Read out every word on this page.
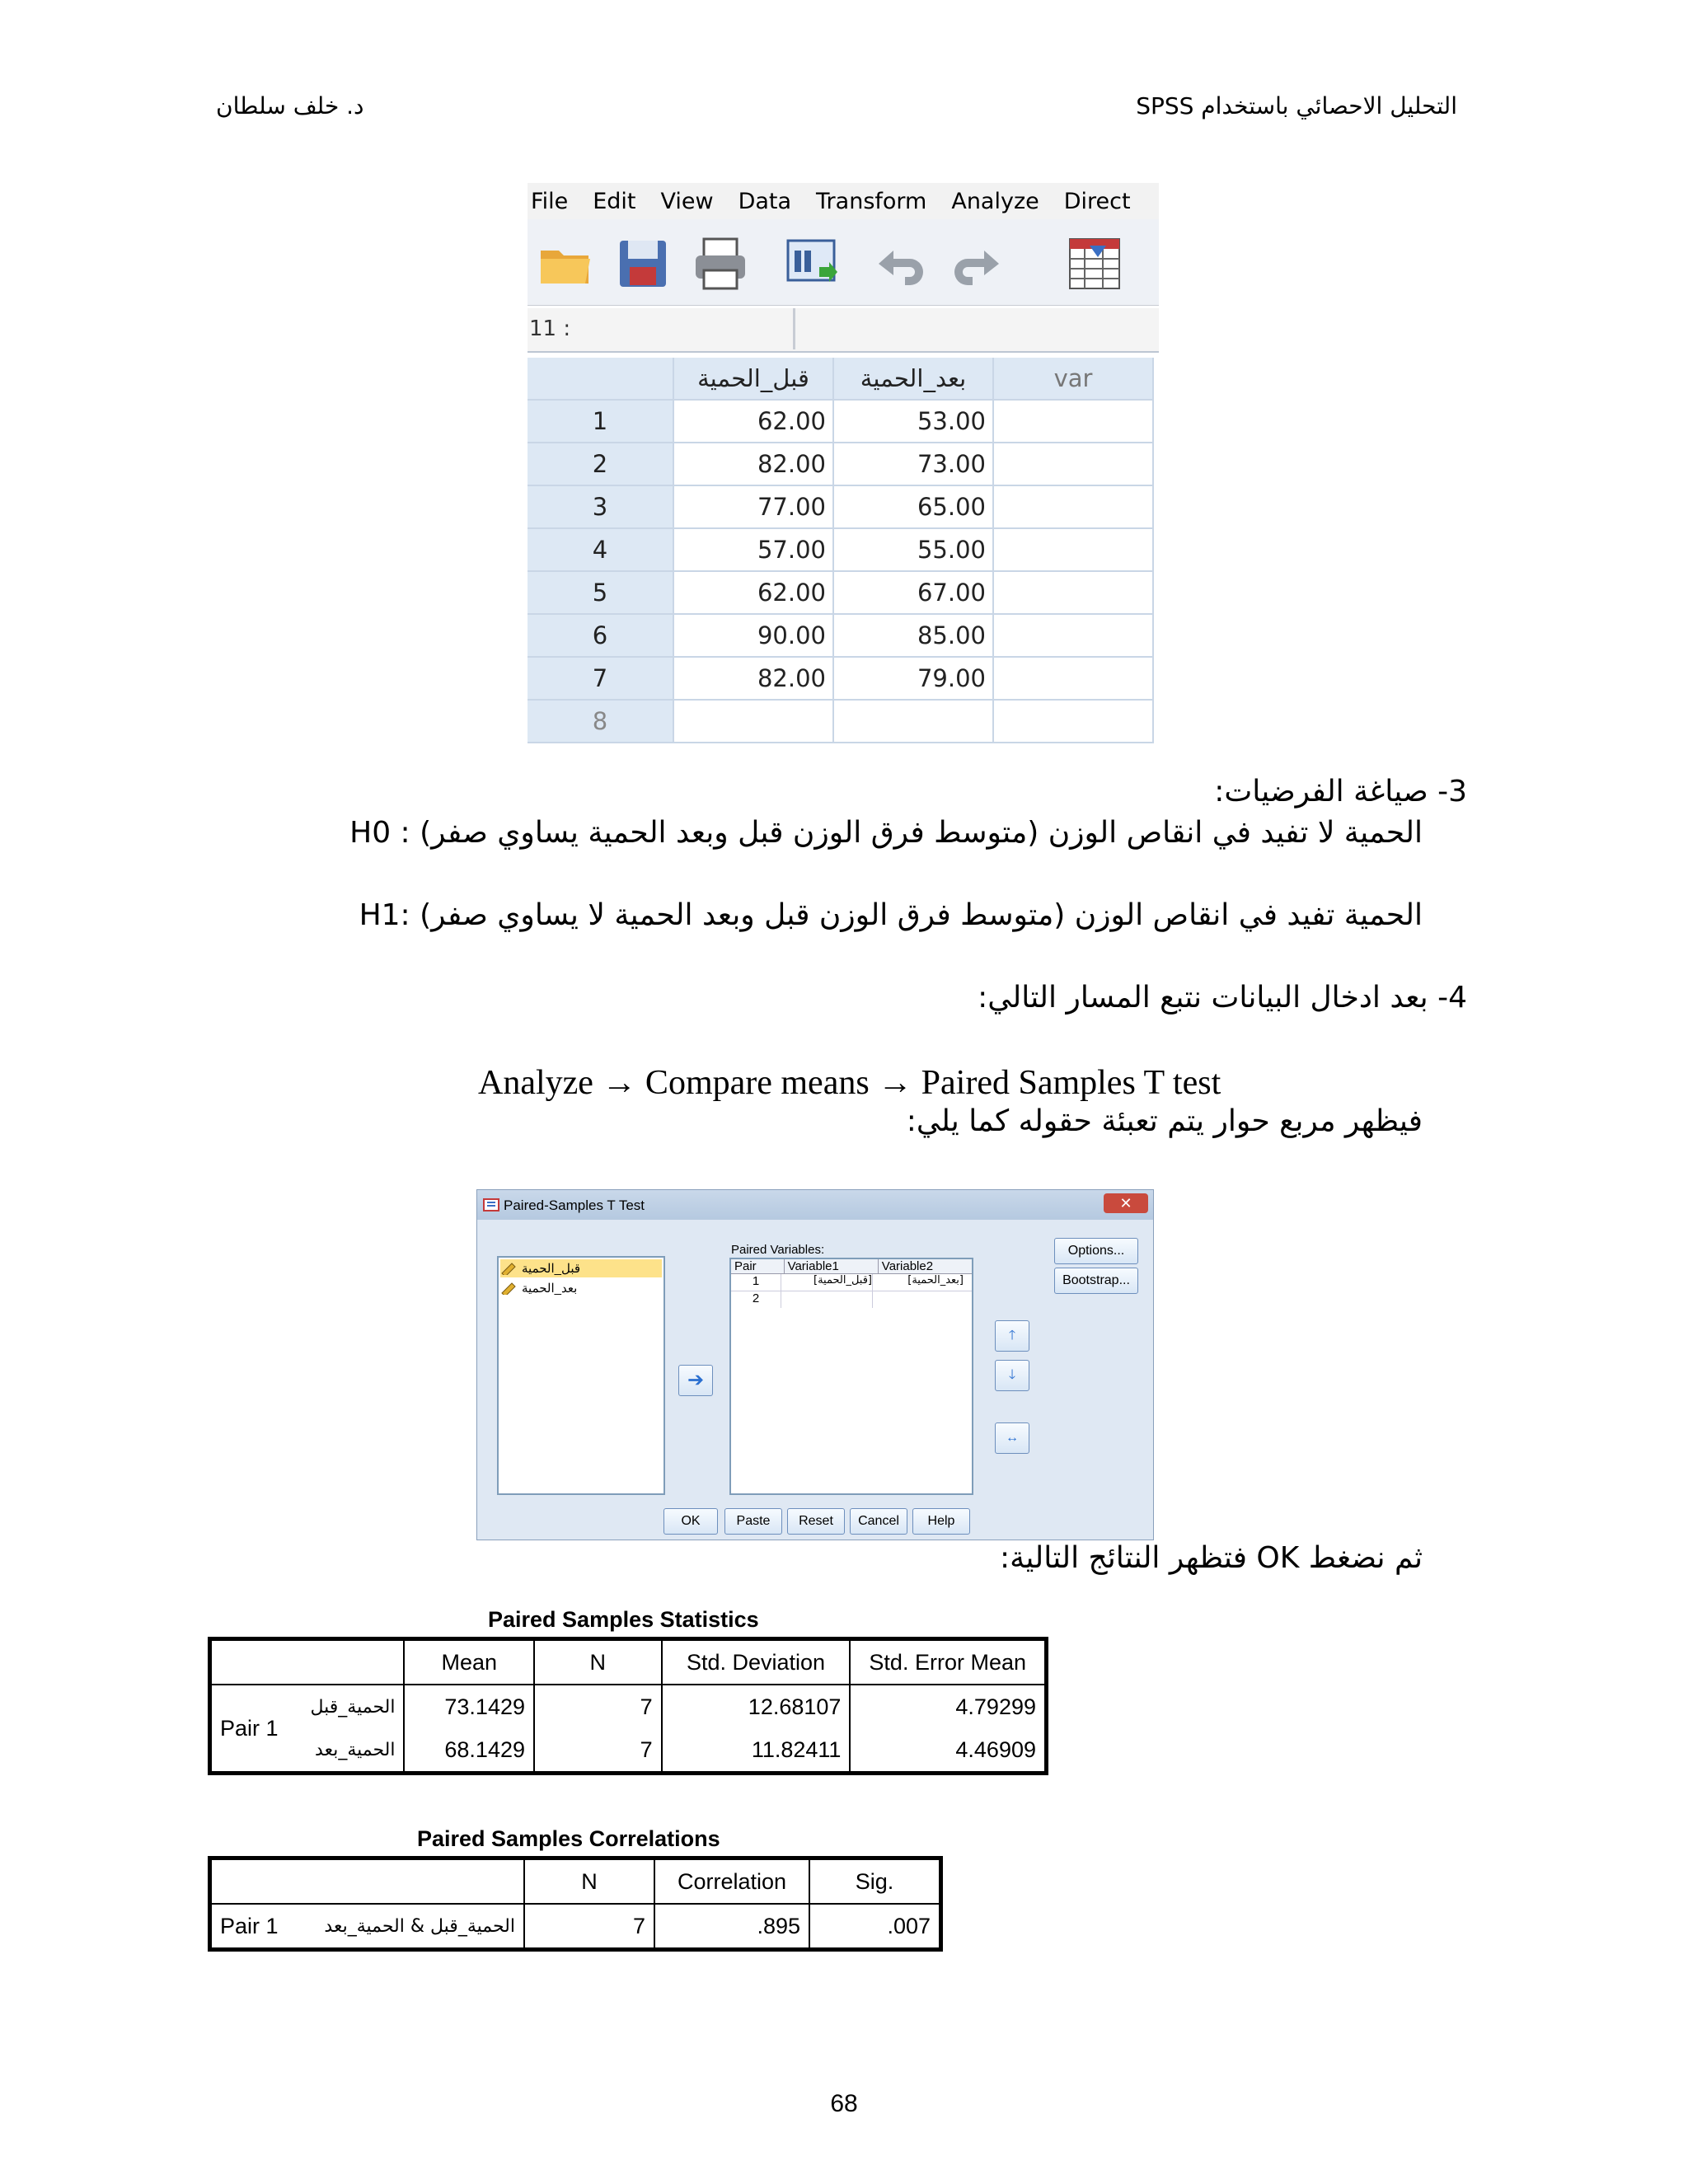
د. خلف سلطان	التحليل الاحصائي باستخدام SPSS
File Edit View Data Transform Analyze Direct
11 :
قبل_الحمية	بعد_الحمية	var
1	62.00	53.00
2	82.00	73.00
3	77.00	65.00
4	57.00	55.00
5	62.00	67.00
6	90.00	85.00
7	82.00	79.00
8
3- صياغة الفرضيات:
H0 : الحمية لا تفيد في انقاص الوزن (متوسط فرق الوزن قبل وبعد الحمية يساوي صفر)
H1: الحمية تفيد في انقاص الوزن (متوسط فرق الوزن قبل وبعد الحمية لا يساوي صفر)
4- بعد ادخال البيانات نتبع المسار التالي:
Analyze → Compare means → Paired Samples T test
فيظهر مربع حوار يتم تعبئة حقوله كما يلي:
Paired-Samples T Test	✕
قبل_الحمية
بعد_الحمية
➔
Paired Variables:
Pair	Variable1	Variable2
1	[قبل_الحمية]	[بعد_الحمية]
2
🡑
🡓
↔
Options...
Bootstrap...
OK	Paste	Reset	Cancel	Help
ثم نضغط OK فتظهر النتائج التالية:
Paired Samples Statistics
		Mean	N	Std. Deviation	Std. Error Mean
Pair 1	الحمية_قبل	73.1429	7	12.68107	4.79299
	الحمية_بعد	68.1429	7	11.82411	4.46909
Paired Samples Correlations
		N	Correlation	Sig.
Pair 1	الحمية_قبل & الحمية_بعد	7	.895	.007
68
